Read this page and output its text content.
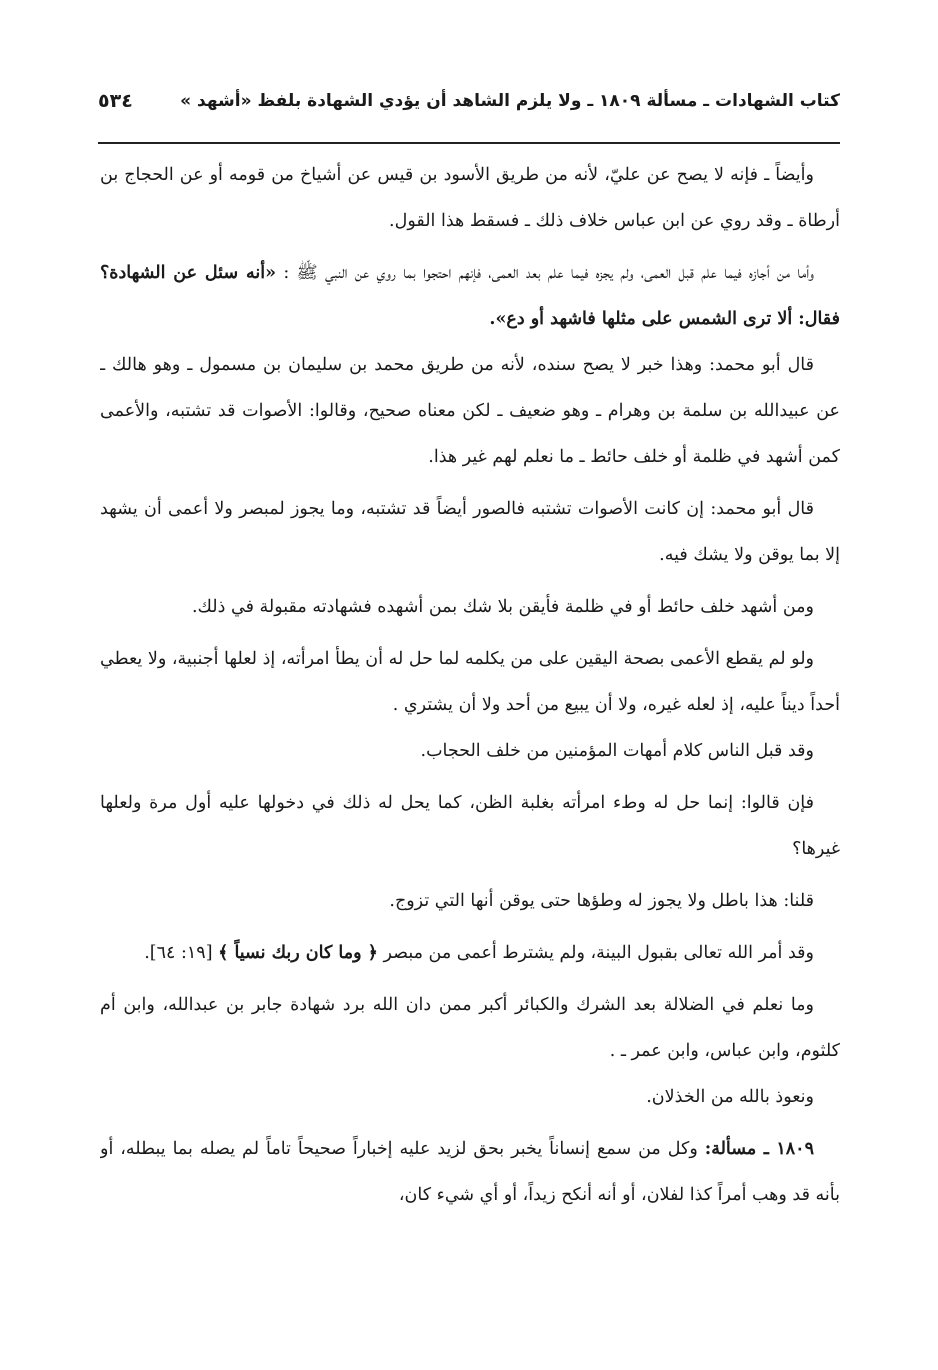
كتاب الشهادات ـ مسألة ١٨٠٩ ـ ولا يلزم الشاهد أن يؤدي الشهادة بلفظ «أشهد »
٥٣٤

وأيضاً ـ فإنه لا يصح عن عليّ، لأنه من طريق الأسود بن قيس عن أشياخ من قومه أو عن الحجاج بن أرطاة ـ وقد روي عن ابن عباس خلاف ذلك ـ فسقط هذا القول.

وأما من أجازه فيما علم قبل العمى، ولم يجزه فيما علم بعد العمى، فإنهم احتجوا بما روي عن النبي ﷺ : «أنه سئل عن الشهادة؟ فقال: ألا ترى الشمس على مثلها فاشهد أو دع».

قال أبو محمد: وهذا خبر لا يصح سنده، لأنه من طريق محمد بن سليمان بن مسمول ـ وهو هالك ـ عن عبيدالله بن سلمة بن وهرام ـ وهو ضعيف ـ لكن معناه صحيح، وقالوا: الأصوات قد تشتبه، والأعمى كمن أشهد في ظلمة أو خلف حائط ـ ما نعلم لهم غير هذا.

قال أبو محمد: إن كانت الأصوات تشتبه فالصور أيضاً قد تشتبه، وما يجوز لمبصر ولا أعمى أن يشهد إلا بما يوقن ولا يشك فيه.

ومن أشهد خلف حائط أو في ظلمة فأيقن بلا شك بمن أشهده فشهادته مقبولة في ذلك.

ولو لم يقطع الأعمى بصحة اليقين على من يكلمه لما حل له أن يطأ امرأته، إذ لعلها أجنبية، ولا يعطي أحداً ديناً عليه، إذ لعله غيره، ولا أن يبيع من أحد ولا أن يشتري .

وقد قبل الناس كلام أمهات المؤمنين من خلف الحجاب.

فإن قالوا: إنما حل له وطء امرأته بغلبة الظن، كما يحل له ذلك في دخولها عليه أول مرة ولعلها غيرها؟

قلنا: هذا باطل ولا يجوز له وطؤها حتى يوقن أنها التي تزوج.

وقد أمر الله تعالى بقبول البينة، ولم يشترط أعمى من مبصر ﴿ وما كان ربك نسياً ﴾ [١٩: ٦٤].

وما نعلم في الضلالة بعد الشرك والكبائر أكبر ممن دان الله برد شهادة جابر بن عبدالله، وابن أم كلثوم، وابن عباس، وابن عمر ـ .

ونعوذ بالله من الخذلان.

١٨٠٩ ـ مسألة: وكل من سمع إنساناً يخبر بحق لزيد عليه إخباراً صحيحاً تاماً لم يصله بما يبطله، أو بأنه قد وهب أمراً كذا لفلان، أو أنه أنكح زيداً، أو أي شيء كان،
